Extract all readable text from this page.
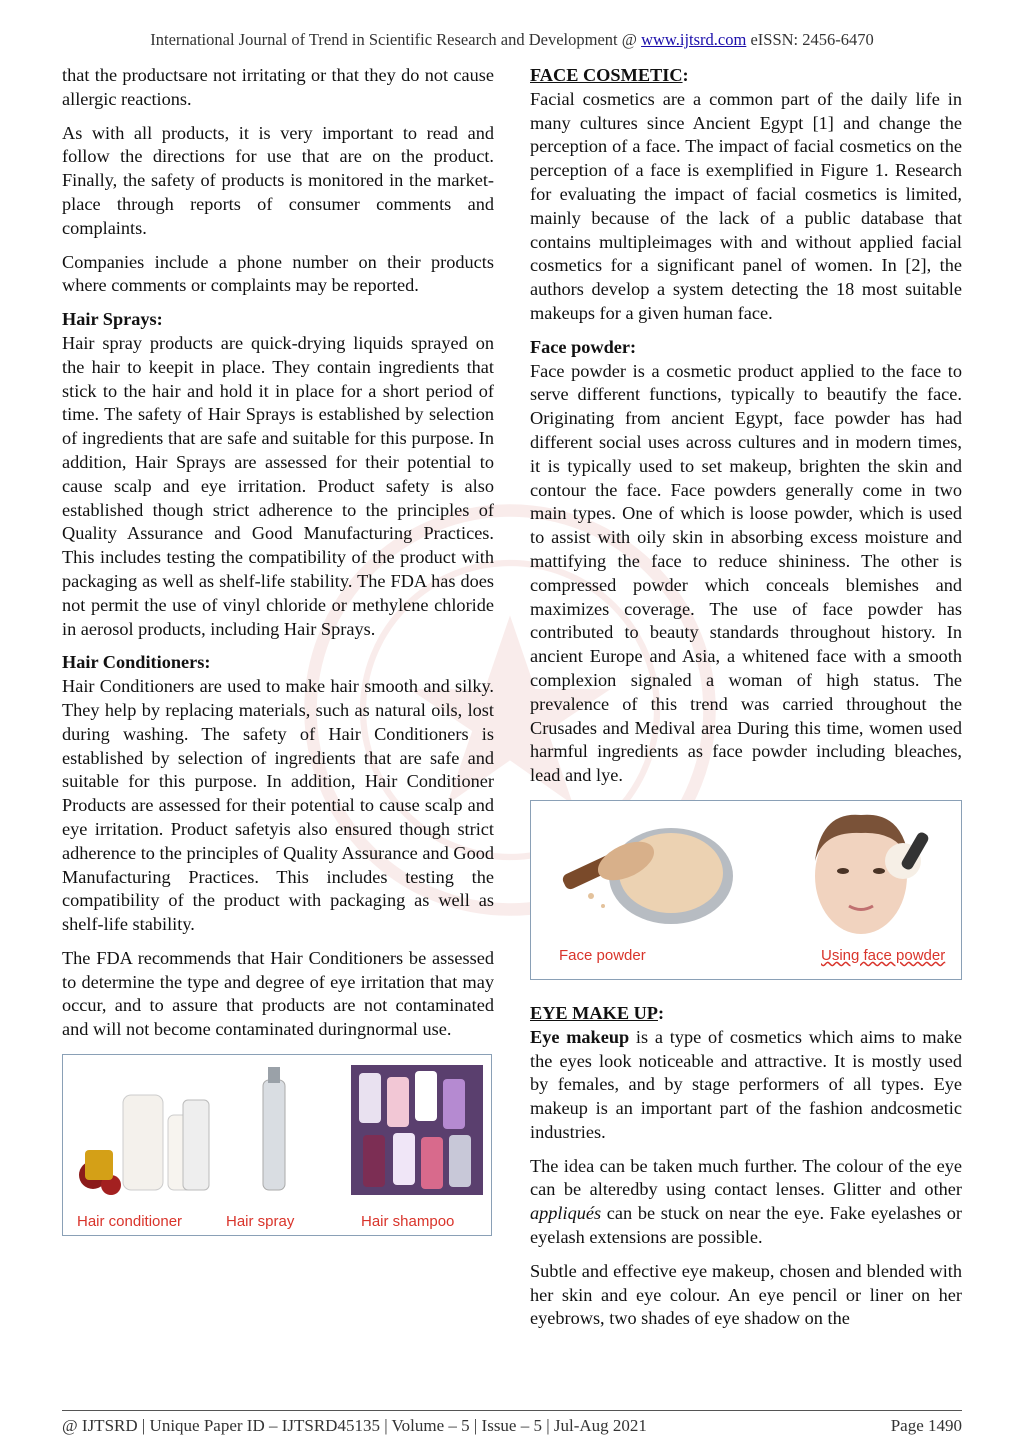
International Journal of Trend in Scientific Research and Development @ www.ijtsrd.com eISSN: 2456-6470

that the productsare not irritating or that they do not cause allergic reactions.

As with all products, it is very important to read and follow the directions for use that are on the product. Finally, the safety of products is monitored in the market-place through reports of consumer comments and complaints.

Companies include a phone number on their products where comments or complaints may be reported.

Hair Sprays:

Hair spray products are quick-drying liquids sprayed on the hair to keepit in place. They contain ingredients that stick to the hair and hold it in place for a short period of time. The safety of Hair Sprays is established by selection of ingredients that are safe and suitable for this purpose. In addition, Hair Sprays are assessed for their potential to cause scalp and eye irritation. Product safety is also established though strict adherence to the principles of Quality Assurance and Good Manufacturing Practices. This includes testing the compatibility of the product with packaging as well as shelf-life stability. The FDA has does not permit the use of vinyl chloride or methylene chloride in aerosol products, including Hair Sprays.

Hair Conditioners:

Hair Conditioners are used to make hair smooth and silky. They help by replacing materials, such as natural oils, lost during washing. The safety of Hair Conditioners is established by selection of ingredients that are safe and suitable for this purpose. In addition, Hair Conditioner Products are assessed for their potential to cause scalp and eye irritation. Product safetyis also ensured though strict adherence to the principles of Quality Assurance and Good Manufacturing Practices. This includes testing the compatibility of the product with packaging as well as shelf-life stability.

The FDA recommends that Hair Conditioners be assessed to determine the type and degree of eye irritation that may occur, and to assure that products are not contaminated and will not become contaminated duringnormal use.

Hair conditioner	Hair spray	Hair shampoo
FACE COSMETIC:

Facial cosmetics are a common part of the daily life in many cultures since Ancient Egypt [1] and change the perception of a face. The impact of facial cosmetics on the perception of a face is exemplified in Figure 1. Research for evaluating the impact of facial cosmetics is limited, mainly because of the lack of a public database that contains multipleimages with and without applied facial cosmetics for a significant panel of women. In [2], the authors develop a system detecting the 18 most suitable makeups for a given human face.

Face powder:

Face powder is a cosmetic product applied to the face to serve different functions, typically to beautify the face. Originating from ancient Egypt, face powder has had different social uses across cultures and in modern times, it is typically used to set makeup, brighten the skin and contour the face. Face powders generally come in two main types. One of which is loose powder, which is used to assist with oily skin in absorbing excess moisture and mattifying the face to reduce shininess. The other is compressed powder which conceals blemishes and maximizes coverage. The use of face powder has contributed to beauty standards throughout history. In ancient Europe and Asia, a whitened face with a smooth complexion signaled a woman of high status. The prevalence of this trend was carried throughout the Crusades and Medival area During this time, women used harmful ingredients as face powder including bleaches, lead and lye.

Face powder	Using face powder
EYE MAKE UP:

Eye makeup is a type of cosmetics which aims to make the eyes look noticeable and attractive. It is mostly used by females, and by stage performers of all types. Eye makeup is an important part of the fashion andcosmetic industries.

The idea can be taken much further. The colour of the eye can be alteredby using contact lenses. Glitter and other appliqués can be stuck on near the eye. Fake eyelashes or eyelash extensions are possible.

Subtle and effective eye makeup, chosen and blended with her skin and eye colour. An eye pencil or liner on her eyebrows, two shades of eye shadow on the

@ IJTSRD | Unique Paper ID – IJTSRD45135 | Volume – 5 | Issue – 5 | Jul-Aug 2021	Page 1490
